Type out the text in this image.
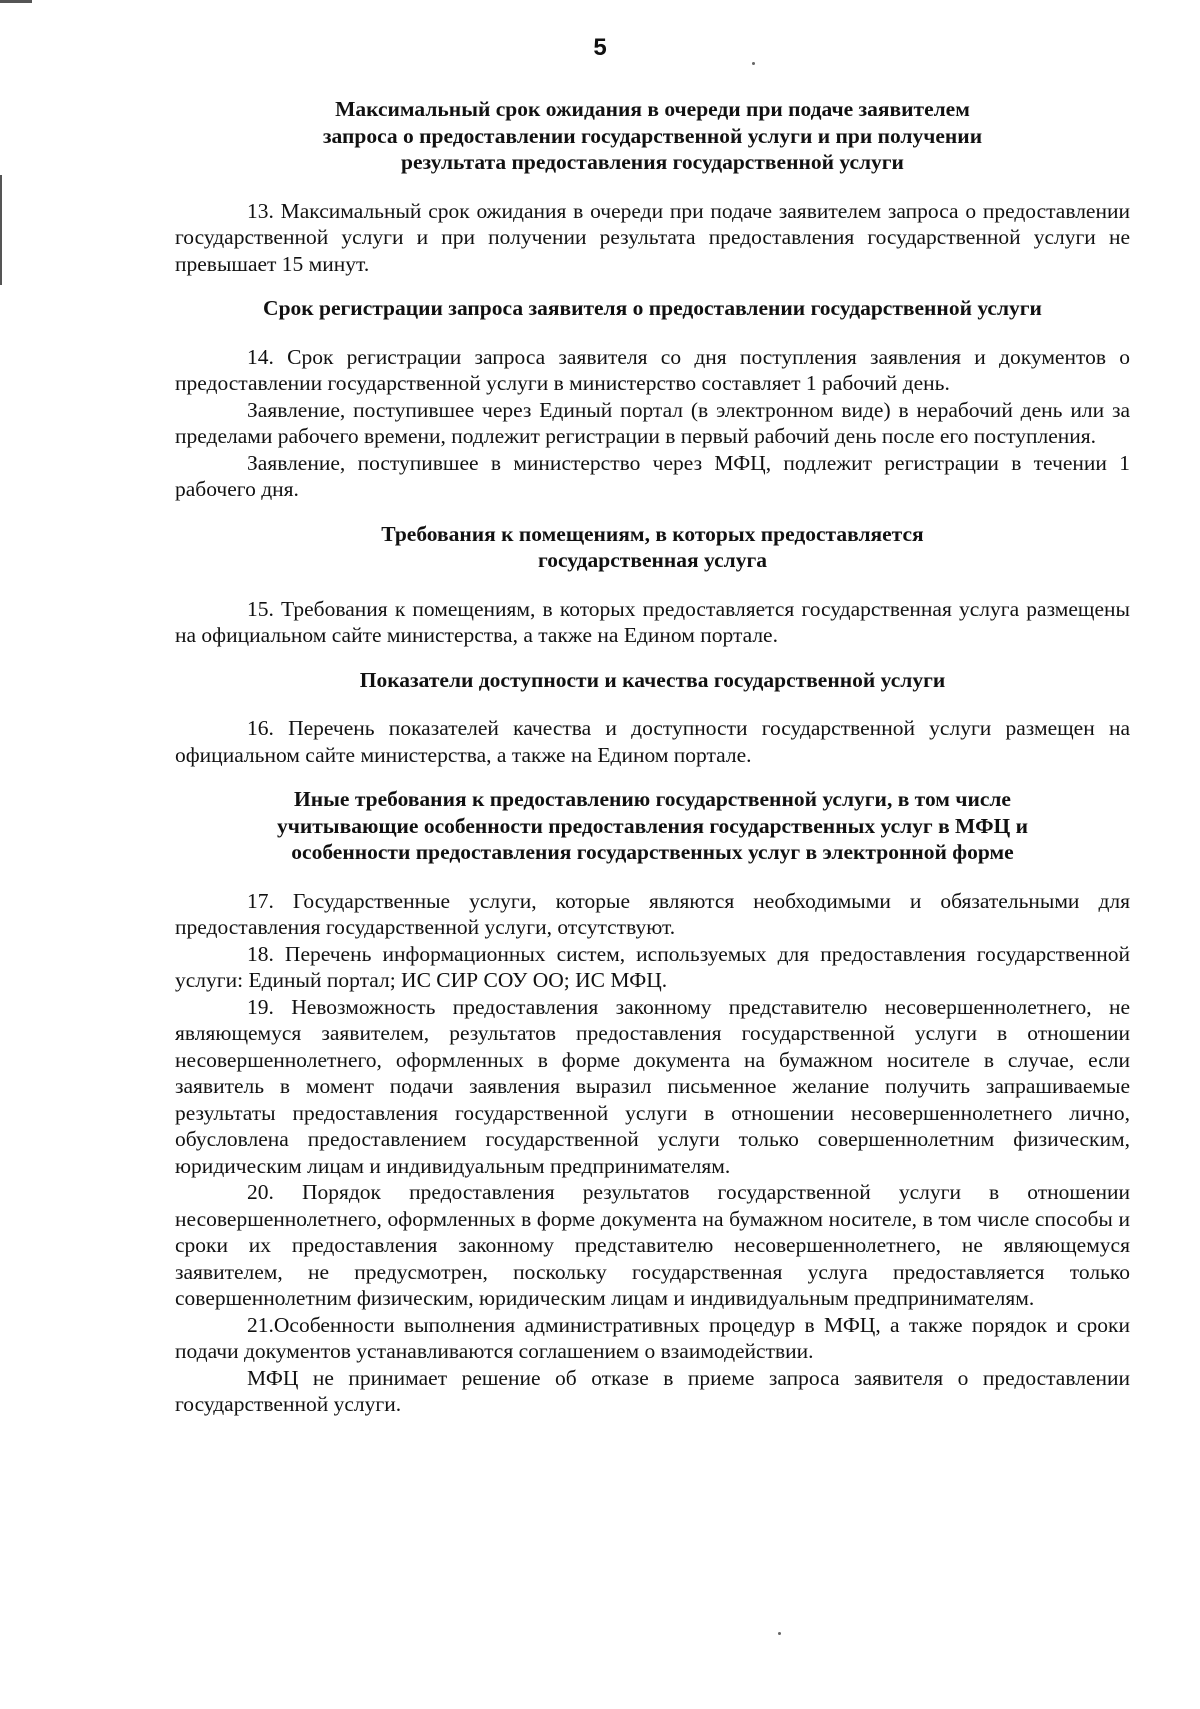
5
Максимальный срок ожидания в очереди при подаче заявителем
запроса о предоставлении государственной услуги и при получении
результата предоставления государственной услуги

13. Максимальный срок ожидания в очереди при подаче заявителем запроса о предоставлении государственной услуги и при получении результата предоставления государственной услуги не превышает 15 минут.

Срок регистрации запроса заявителя о предоставлении государственной услуги

14. Срок регистрации запроса заявителя со дня поступления заявления и документов о предоставлении государственной услуги в министерство составляет 1 рабочий день.

Заявление, поступившее через Единый портал (в электронном виде) в нерабочий день или за пределами рабочего времени, подлежит регистрации в первый рабочий день после его поступления.

Заявление, поступившее в министерство через МФЦ, подлежит регистрации в течении 1 рабочего дня.

Требования к помещениям, в которых предоставляется
государственная услуга

15. Требования к помещениям, в которых предоставляется государственная услуга размещены на официальном сайте министерства, а также на Едином портале.

Показатели доступности и качества государственной услуги

16. Перечень показателей качества и доступности государственной услуги размещен на официальном сайте министерства, а также на Едином портале.

Иные требования к предоставлению государственной услуги, в том числе
учитывающие особенности предоставления государственных услуг в МФЦ и
особенности предоставления государственных услуг в электронной форме

17. Государственные услуги, которые являются необходимыми и обязательными для предоставления государственной услуги, отсутствуют.

18. Перечень информационных систем, используемых для предоставления государственной услуги: Единый портал; ИС СИР СОУ ОО; ИС МФЦ.

19. Невозможность предоставления законному представителю несовершеннолетнего, не являющемуся заявителем, результатов предоставления государственной услуги в отношении несовершеннолетнего, оформленных в форме документа на бумажном носителе в случае, если заявитель в момент подачи заявления выразил письменное желание получить запрашиваемые результаты предоставления государственной услуги в отношении несовершеннолетнего лично, обусловлена предоставлением государственной услуги только совершеннолетним физическим, юридическим лицам и индивидуальным предпринимателям.

20. Порядок предоставления результатов государственной услуги в отношении несовершеннолетнего, оформленных в форме документа на бумажном носителе, в том числе способы и сроки их предоставления законному представителю несовершеннолетнего, не являющемуся заявителем, не предусмотрен, поскольку государственная услуга предоставляется только совершеннолетним физическим, юридическим лицам и индивидуальным предпринимателям.

21.Особенности выполнения административных процедур в МФЦ, а также порядок и сроки подачи документов устанавливаются соглашением о взаимодействии.

МФЦ не принимает решение об отказе в приеме запроса заявителя о предоставлении государственной услуги.
